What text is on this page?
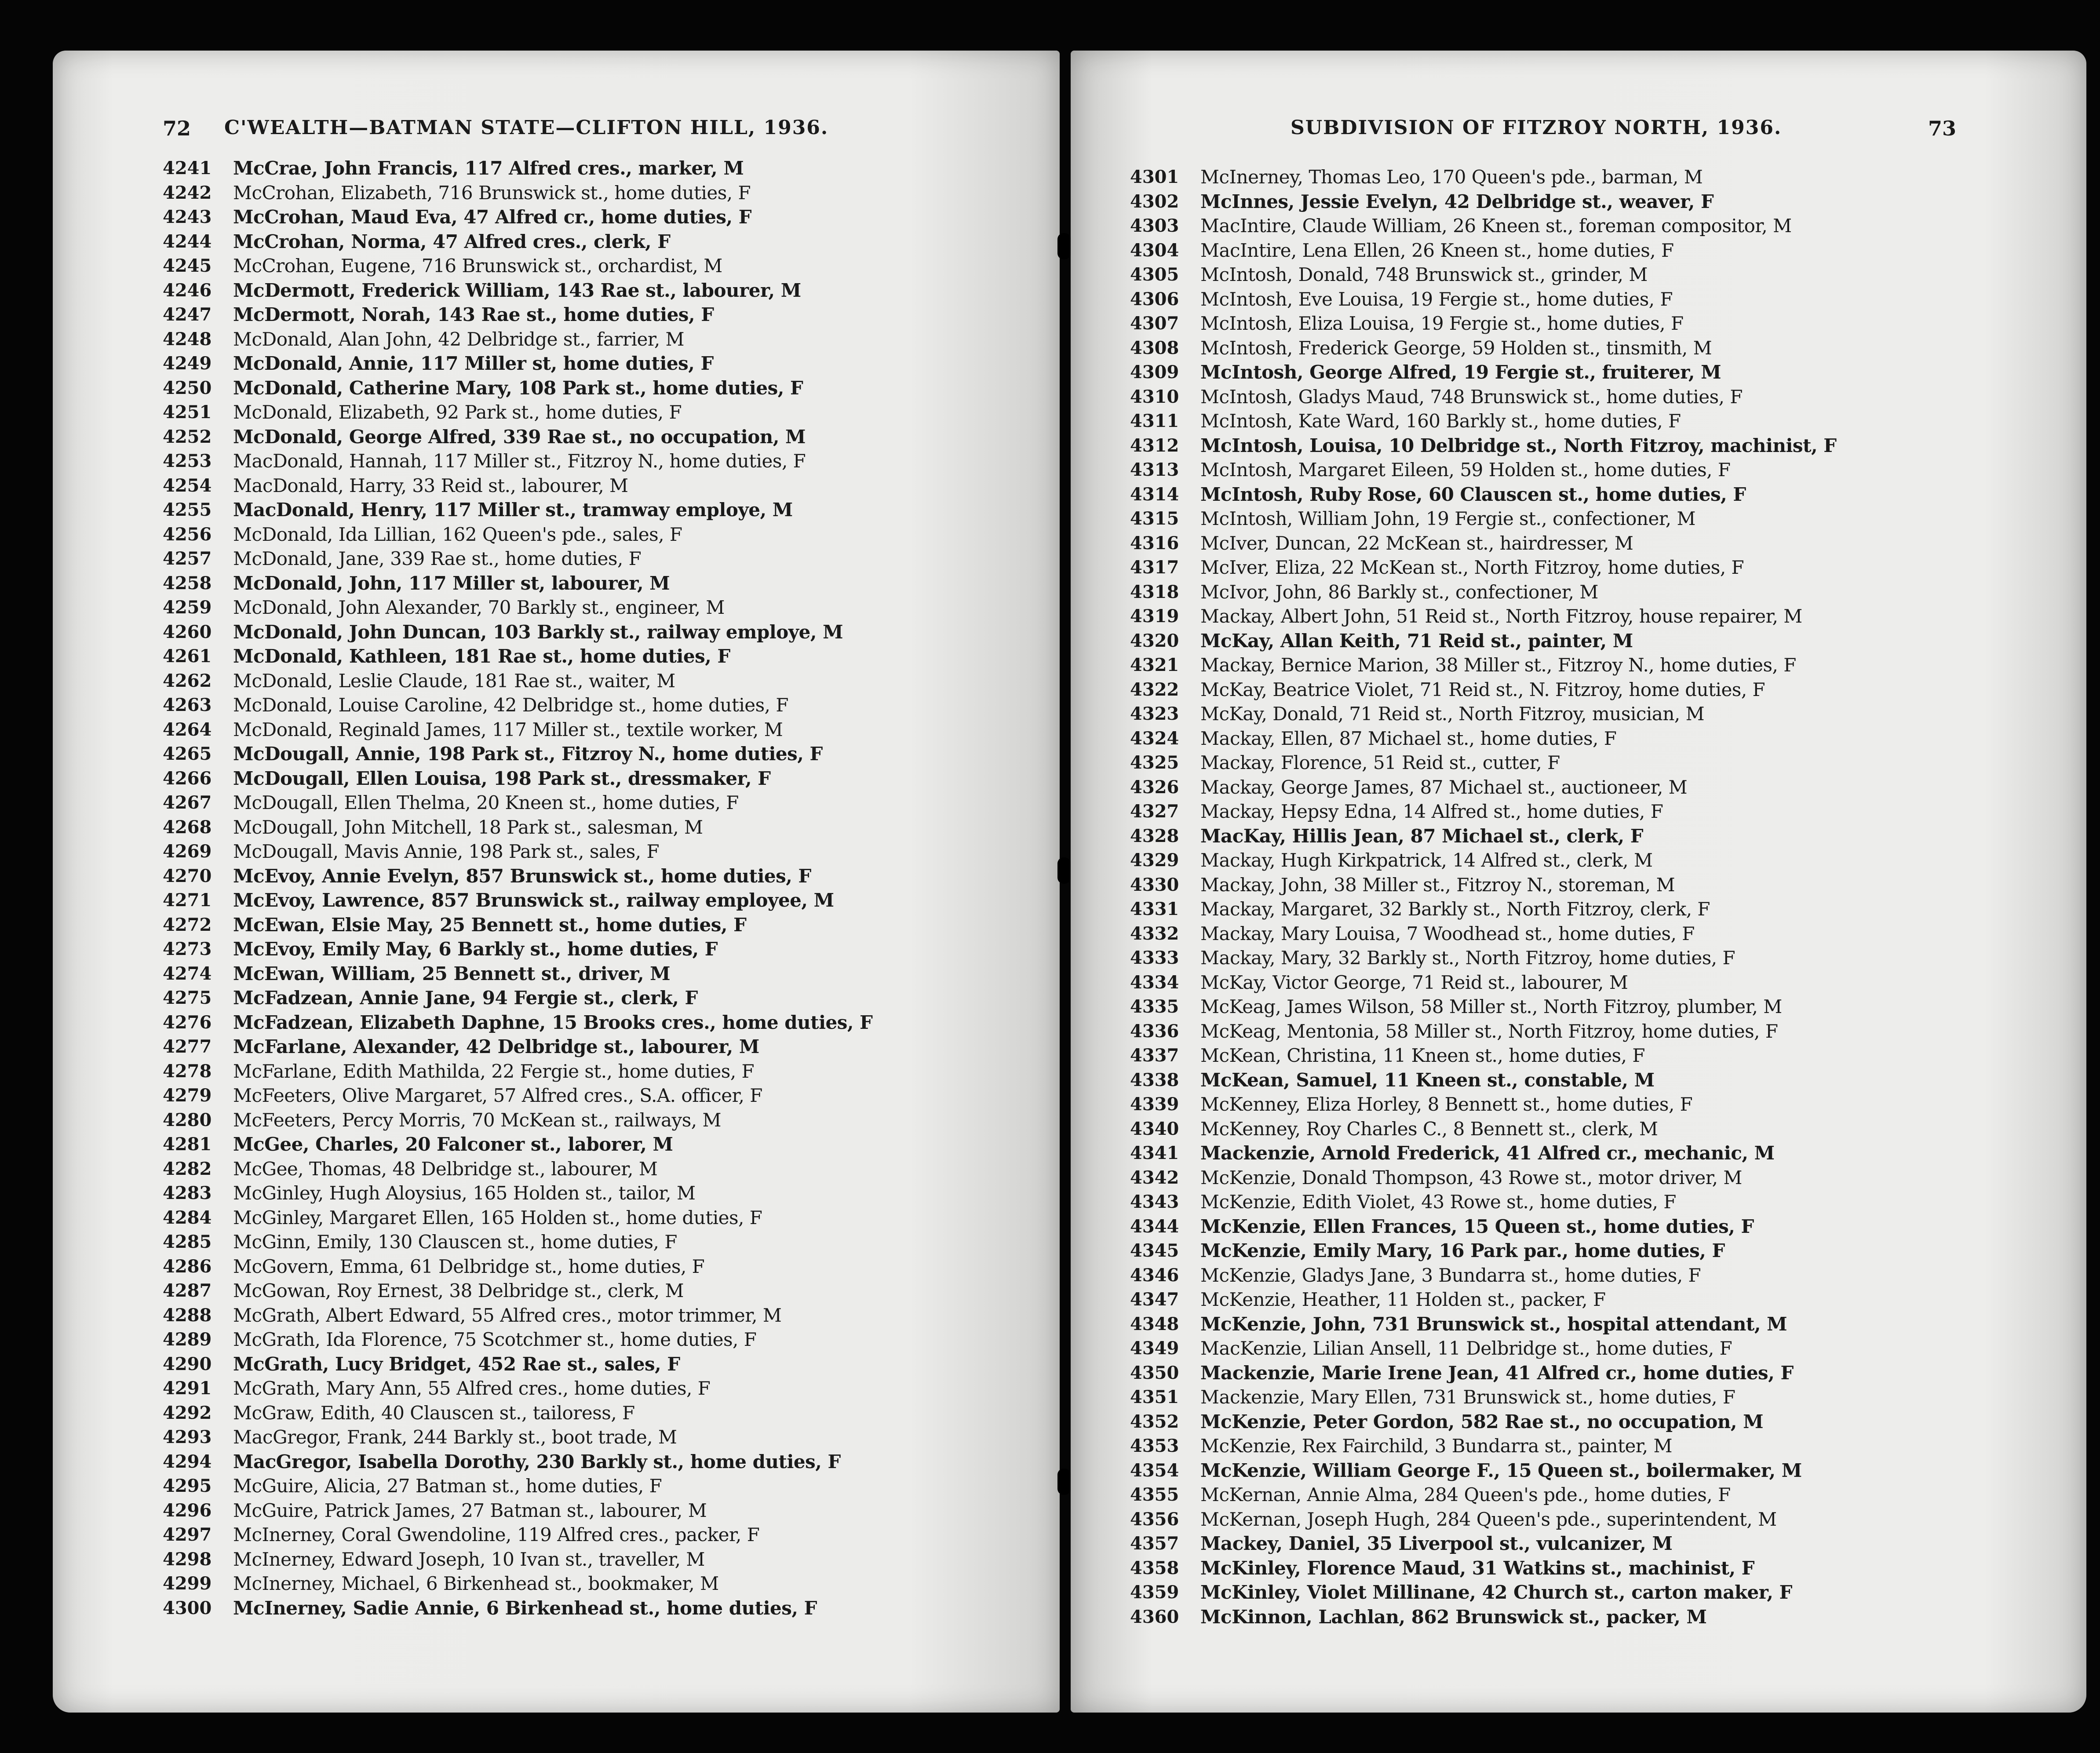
72 C'WEALTH—BATMAN STATE—CLIFTON HILL, 1936.
4241	McCrae, John Francis, 117 Alfred cres., marker, M
4242	McCrohan, Elizabeth, 716 Brunswick st., home duties, F
4243	McCrohan, Maud Eva, 47 Alfred cr., home duties, F
4244	McCrohan, Norma, 47 Alfred cres., clerk, F
4245	McCrohan, Eugene, 716 Brunswick st., orchardist, M
4246	McDermott, Frederick William, 143 Rae st., labourer, M
4247	McDermott, Norah, 143 Rae st., home duties, F
4248	McDonald, Alan John, 42 Delbridge st., farrier, M
4249	McDonald, Annie, 117 Miller st, home duties, F
4250	McDonald, Catherine Mary, 108 Park st., home duties, F
4251	McDonald, Elizabeth, 92 Park st., home duties, F
4252	McDonald, George Alfred, 339 Rae st., no occupation, M
4253	MacDonald, Hannah, 117 Miller st., Fitzroy N., home duties, F
4254	MacDonald, Harry, 33 Reid st., labourer, M
4255	MacDonald, Henry, 117 Miller st., tramway employe, M
4256	McDonald, Ida Lillian, 162 Queen's pde., sales, F
4257	McDonald, Jane, 339 Rae st., home duties, F
4258	McDonald, John, 117 Miller st, labourer, M
4259	McDonald, John Alexander, 70 Barkly st., engineer, M
4260	McDonald, John Duncan, 103 Barkly st., railway employe, M
4261	McDonald, Kathleen, 181 Rae st., home duties, F
4262	McDonald, Leslie Claude, 181 Rae st., waiter, M
4263	McDonald, Louise Caroline, 42 Delbridge st., home duties, F
4264	McDonald, Reginald James, 117 Miller st., textile worker, M
4265	McDougall, Annie, 198 Park st., Fitzroy N., home duties, F
4266	McDougall, Ellen Louisa, 198 Park st., dressmaker, F
4267	McDougall, Ellen Thelma, 20 Kneen st., home duties, F
4268	McDougall, John Mitchell, 18 Park st., salesman, M
4269	McDougall, Mavis Annie, 198 Park st., sales, F
4270	McEvoy, Annie Evelyn, 857 Brunswick st., home duties, F
4271	McEvoy, Lawrence, 857 Brunswick st., railway employee, M
4272	McEwan, Elsie May, 25 Bennett st., home duties, F
4273	McEvoy, Emily May, 6 Barkly st., home duties, F
4274	McEwan, William, 25 Bennett st., driver, M
4275	McFadzean, Annie Jane, 94 Fergie st., clerk, F
4276	McFadzean, Elizabeth Daphne, 15 Brooks cres., home duties, F
4277	McFarlane, Alexander, 42 Delbridge st., labourer, M
4278	McFarlane, Edith Mathilda, 22 Fergie st., home duties, F
4279	McFeeters, Olive Margaret, 57 Alfred cres., S.A. officer, F
4280	McFeeters, Percy Morris, 70 McKean st., railways, M
4281	McGee, Charles, 20 Falconer st., laborer, M
4282	McGee, Thomas, 48 Delbridge st., labourer, M
4283	McGinley, Hugh Aloysius, 165 Holden st., tailor, M
4284	McGinley, Margaret Ellen, 165 Holden st., home duties, F
4285	McGinn, Emily, 130 Clauscen st., home duties, F
4286	McGovern, Emma, 61 Delbridge st., home duties, F
4287	McGowan, Roy Ernest, 38 Delbridge st., clerk, M
4288	McGrath, Albert Edward, 55 Alfred cres., motor trimmer, M
4289	McGrath, Ida Florence, 75 Scotchmer st., home duties, F
4290	McGrath, Lucy Bridget, 452 Rae st., sales, F
4291	McGrath, Mary Ann, 55 Alfred cres., home duties, F
4292	McGraw, Edith, 40 Clauscen st., tailoress, F
4293	MacGregor, Frank, 244 Barkly st., boot trade, M
4294	MacGregor, Isabella Dorothy, 230 Barkly st., home duties, F
4295	McGuire, Alicia, 27 Batman st., home duties, F
4296	McGuire, Patrick James, 27 Batman st., labourer, M
4297	McInerney, Coral Gwendoline, 119 Alfred cres., packer, F
4298	McInerney, Edward Joseph, 10 Ivan st., traveller, M
4299	McInerney, Michael, 6 Birkenhead st., bookmaker, M
4300	McInerney, Sadie Annie, 6 Birkenhead st., home duties, F
SUBDIVISION OF FITZROY NORTH, 1936.	73
4301	McInerney, Thomas Leo, 170 Queen's pde., barman, M
4302	McInnes, Jessie Evelyn, 42 Delbridge st., weaver, F
4303	MacIntire, Claude William, 26 Kneen st., foreman compositor, M
4304	MacIntire, Lena Ellen, 26 Kneen st., home duties, F
4305	McIntosh, Donald, 748 Brunswick st., grinder, M
4306	McIntosh, Eve Louisa, 19 Fergie st., home duties, F
4307	McIntosh, Eliza Louisa, 19 Fergie st., home duties, F
4308	McIntosh, Frederick George, 59 Holden st., tinsmith, M
4309	McIntosh, George Alfred, 19 Fergie st., fruiterer, M
4310	McIntosh, Gladys Maud, 748 Brunswick st., home duties, F
4311	McIntosh, Kate Ward, 160 Barkly st., home duties, F
4312	McIntosh, Louisa, 10 Delbridge st., North Fitzroy, machinist, F
4313	McIntosh, Margaret Eileen, 59 Holden st., home duties, F
4314	McIntosh, Ruby Rose, 60 Clauscen st., home duties, F
4315	McIntosh, William John, 19 Fergie st., confectioner, M
4316	McIver, Duncan, 22 McKean st., hairdresser, M
4317	McIver, Eliza, 22 McKean st., North Fitzroy, home duties, F
4318	McIvor, John, 86 Barkly st., confectioner, M
4319	Mackay, Albert John, 51 Reid st., North Fitzroy, house repairer, M
4320	McKay, Allan Keith, 71 Reid st., painter, M
4321	Mackay, Bernice Marion, 38 Miller st., Fitzroy N., home duties, F
4322	McKay, Beatrice Violet, 71 Reid st., N. Fitzroy, home duties, F
4323	McKay, Donald, 71 Reid st., North Fitzroy, musician, M
4324	Mackay, Ellen, 87 Michael st., home duties, F
4325	Mackay, Florence, 51 Reid st., cutter, F
4326	Mackay, George James, 87 Michael st., auctioneer, M
4327	Mackay, Hepsy Edna, 14 Alfred st., home duties, F
4328	MacKay, Hillis Jean, 87 Michael st., clerk, F
4329	Mackay, Hugh Kirkpatrick, 14 Alfred st., clerk, M
4330	Mackay, John, 38 Miller st., Fitzroy N., storeman, M
4331	Mackay, Margaret, 32 Barkly st., North Fitzroy, clerk, F
4332	Mackay, Mary Louisa, 7 Woodhead st., home duties, F
4333	Mackay, Mary, 32 Barkly st., North Fitzroy, home duties, F
4334	McKay, Victor George, 71 Reid st., labourer, M
4335	McKeag, James Wilson, 58 Miller st., North Fitzroy, plumber, M
4336	McKeag, Mentonia, 58 Miller st., North Fitzroy, home duties, F
4337	McKean, Christina, 11 Kneen st., home duties, F
4338	McKean, Samuel, 11 Kneen st., constable, M
4339	McKenney, Eliza Horley, 8 Bennett st., home duties, F
4340	McKenney, Roy Charles C., 8 Bennett st., clerk, M
4341	Mackenzie, Arnold Frederick, 41 Alfred cr., mechanic, M
4342	McKenzie, Donald Thompson, 43 Rowe st., motor driver, M
4343	McKenzie, Edith Violet, 43 Rowe st., home duties, F
4344	McKenzie, Ellen Frances, 15 Queen st., home duties, F
4345	McKenzie, Emily Mary, 16 Park par., home duties, F
4346	McKenzie, Gladys Jane, 3 Bundarra st., home duties, F
4347	McKenzie, Heather, 11 Holden st., packer, F
4348	McKenzie, John, 731 Brunswick st., hospital attendant, M
4349	MacKenzie, Lilian Ansell, 11 Delbridge st., home duties, F
4350	Mackenzie, Marie Irene Jean, 41 Alfred cr., home duties, F
4351	Mackenzie, Mary Ellen, 731 Brunswick st., home duties, F
4352	McKenzie, Peter Gordon, 582 Rae st., no occupation, M
4353	McKenzie, Rex Fairchild, 3 Bundarra st., painter, M
4354	McKenzie, William George F., 15 Queen st., boilermaker, M
4355	McKernan, Annie Alma, 284 Queen's pde., home duties, F
4356	McKernan, Joseph Hugh, 284 Queen's pde., superintendent, M
4357	Mackey, Daniel, 35 Liverpool st., vulcanizer, M
4358	McKinley, Florence Maud, 31 Watkins st., machinist, F
4359	McKinley, Violet Millinane, 42 Church st., carton maker, F
4360	McKinnon, Lachlan, 862 Brunswick st., packer, M
